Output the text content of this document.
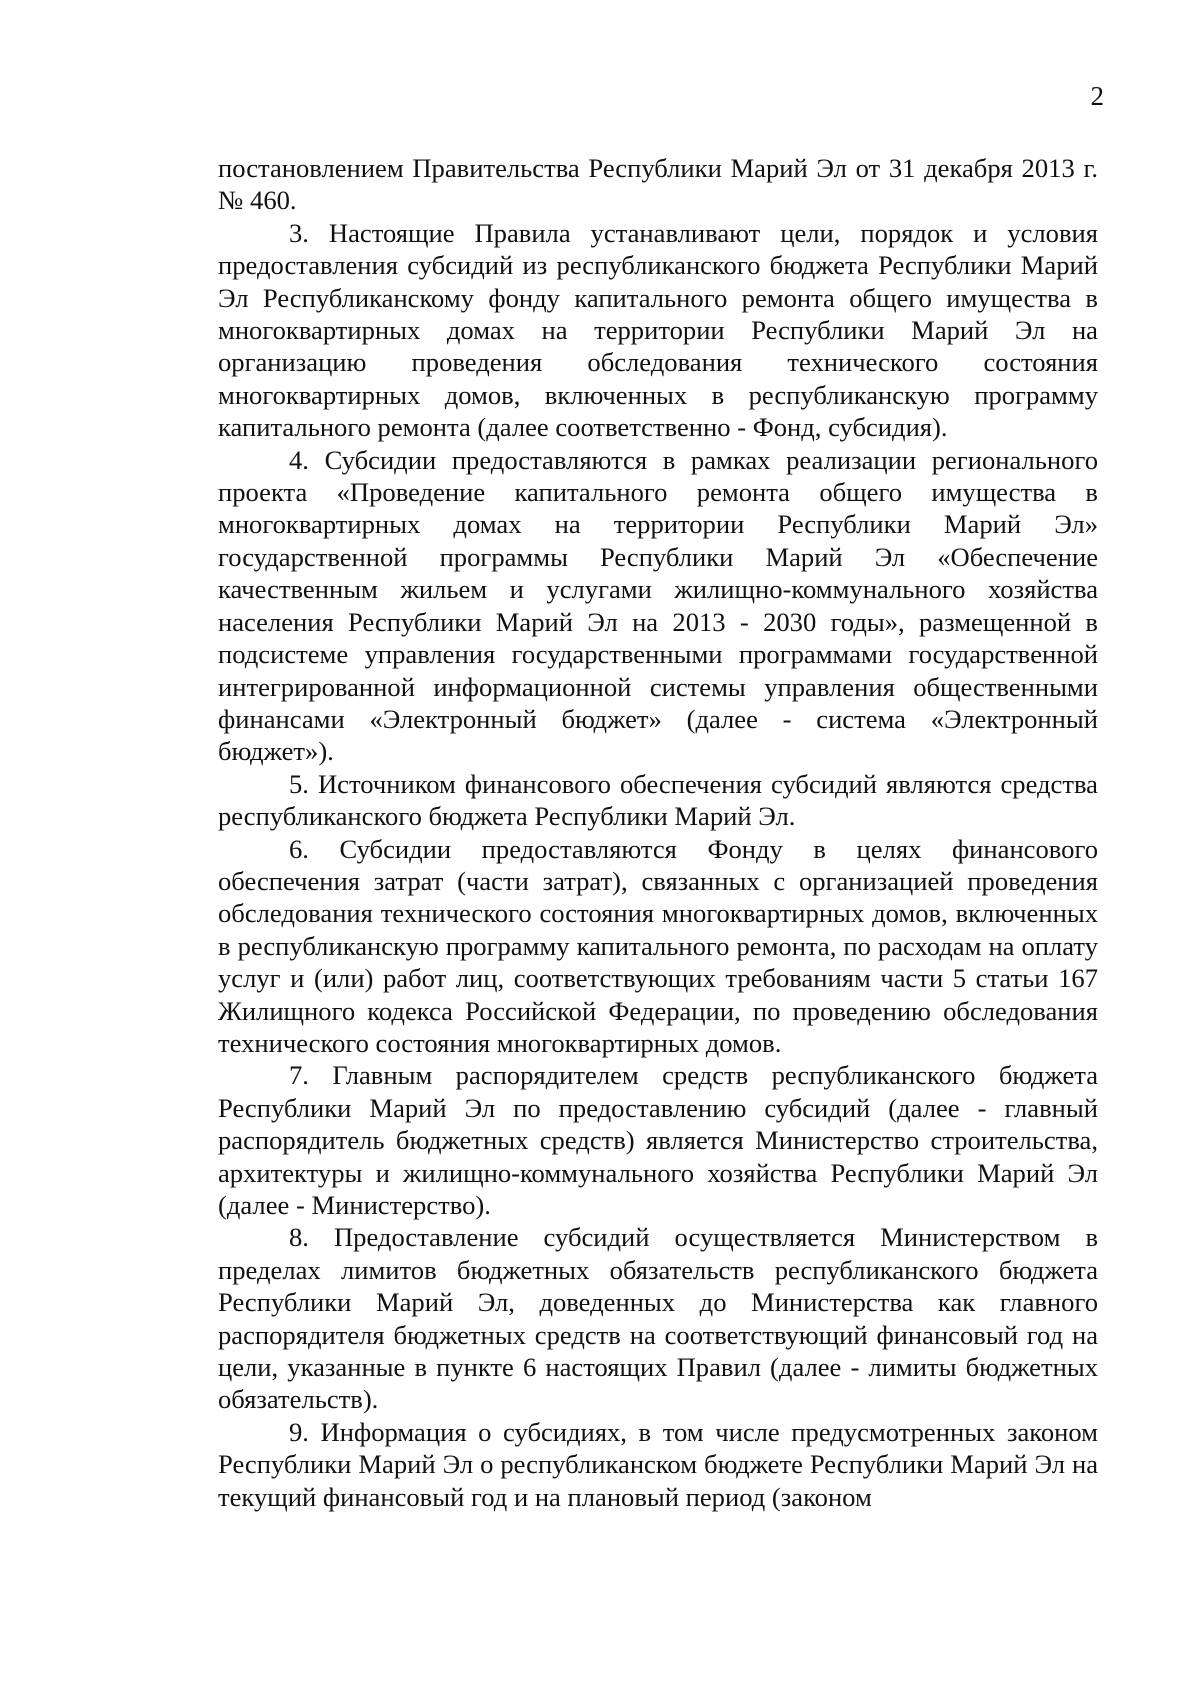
2

постановлением Правительства Республики Марий Эл от 31 декабря 2013 г. № 460.

3. Настоящие Правила устанавливают цели, порядок и условия предоставления субсидий из республиканского бюджета Республики Марий Эл Республиканскому фонду капитального ремонта общего имущества в многоквартирных домах на территории Республики Марий Эл на организацию проведения обследования технического состояния многоквартирных домов, включенных в республиканскую программу капитального ремонта (далее соответственно - Фонд, субсидия).

4. Субсидии предоставляются в рамках реализации регионального проекта «Проведение капитального ремонта общего имущества в многоквартирных домах на территории Республики Марий Эл» государственной программы Республики Марий Эл «Обеспечение качественным жильем и услугами жилищно-коммунального хозяйства населения Республики Марий Эл на 2013 - 2030 годы», размещенной в подсистеме управления государственными программами государственной интегрированной информационной системы управления общественными финансами «Электронный бюджет» (далее - система «Электронный бюджет»).

5. Источником финансового обеспечения субсидий являются средства республиканского бюджета Республики Марий Эл.

6. Субсидии предоставляются Фонду в целях финансового обеспечения затрат (части затрат), связанных с организацией проведения обследования технического состояния многоквартирных домов, включенных в республиканскую программу капитального ремонта, по расходам на оплату услуг и (или) работ лиц, соответствующих требованиям части 5 статьи 167 Жилищного кодекса Российской Федерации, по проведению обследования технического состояния многоквартирных домов.

7. Главным распорядителем средств республиканского бюджета Республики Марий Эл по предоставлению субсидий (далее - главный распорядитель бюджетных средств) является Министерство строительства, архитектуры и жилищно-коммунального хозяйства Республики Марий Эл (далее - Министерство).

8. Предоставление субсидий осуществляется Министерством в пределах лимитов бюджетных обязательств республиканского бюджета Республики Марий Эл, доведенных до Министерства как главного распорядителя бюджетных средств на соответствующий финансовый год на цели, указанные в пункте 6 настоящих Правил (далее - лимиты бюджетных обязательств).

9. Информация о субсидиях, в том числе предусмотренных законом Республики Марий Эл о республиканском бюджете Республики Марий Эл на текущий финансовый год и на плановый период (законом
